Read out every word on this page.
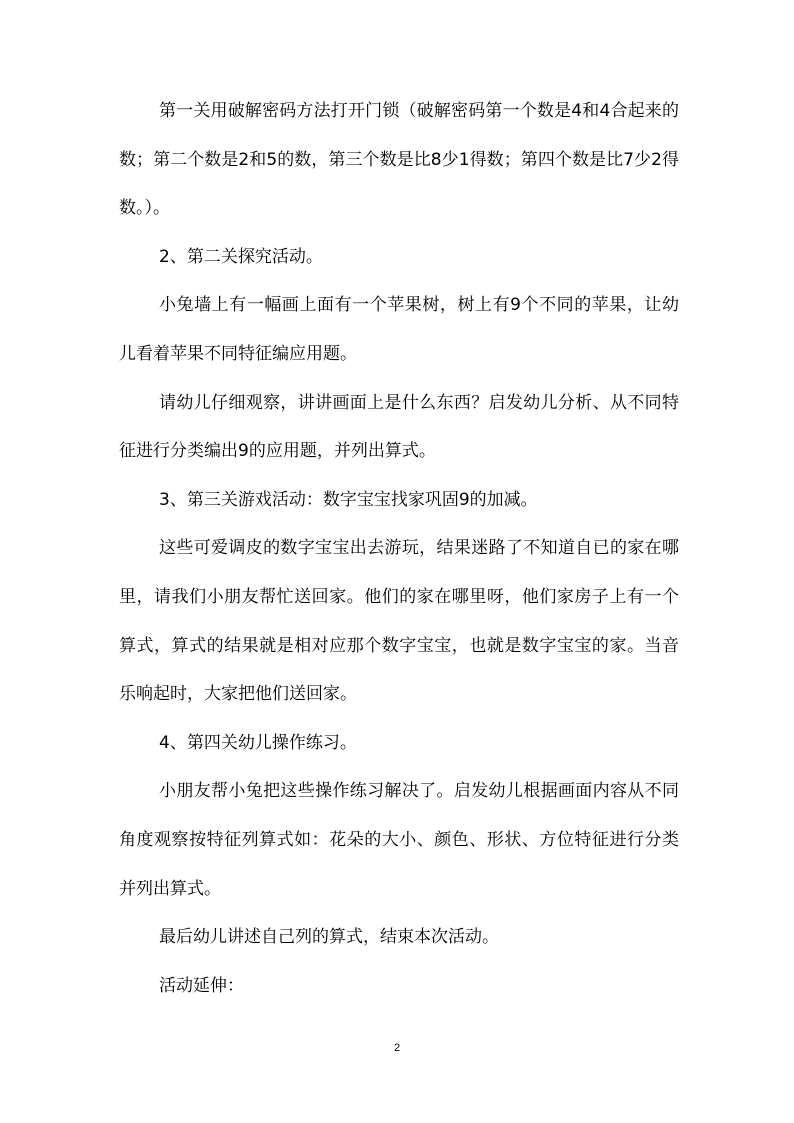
第一关用破解密码方法打开门锁（破解密码第一个数是4和4合起来的数；第二个数是2和5的数，第三个数是比8少1得数；第四个数是比7少2得数。）。

2、第二关探究活动。

小兔墙上有一幅画上面有一个苹果树，树上有9个不同的苹果，让幼儿看着苹果不同特征编应用题。

请幼儿仔细观察，讲讲画面上是什么东西？启发幼儿分析、从不同特征进行分类编出9的应用题，并列出算式。

3、第三关游戏活动：数字宝宝找家巩固9的加减。

这些可爱调皮的数字宝宝出去游玩，结果迷路了不知道自已的家在哪里，请我们小朋友帮忙送回家。他们的家在哪里呀，他们家房子上有一个算式，算式的结果就是相对应那个数字宝宝，也就是数字宝宝的家。当音乐响起时，大家把他们送回家。

4、第四关幼儿操作练习。

小朋友帮小兔把这些操作练习解决了。启发幼儿根据画面内容从不同角度观察按特征列算式如：花朵的大小、颜色、形状、方位特征进行分类并列出算式。

最后幼儿讲述自己列的算式，结束本次活动。

活动延伸：

2
